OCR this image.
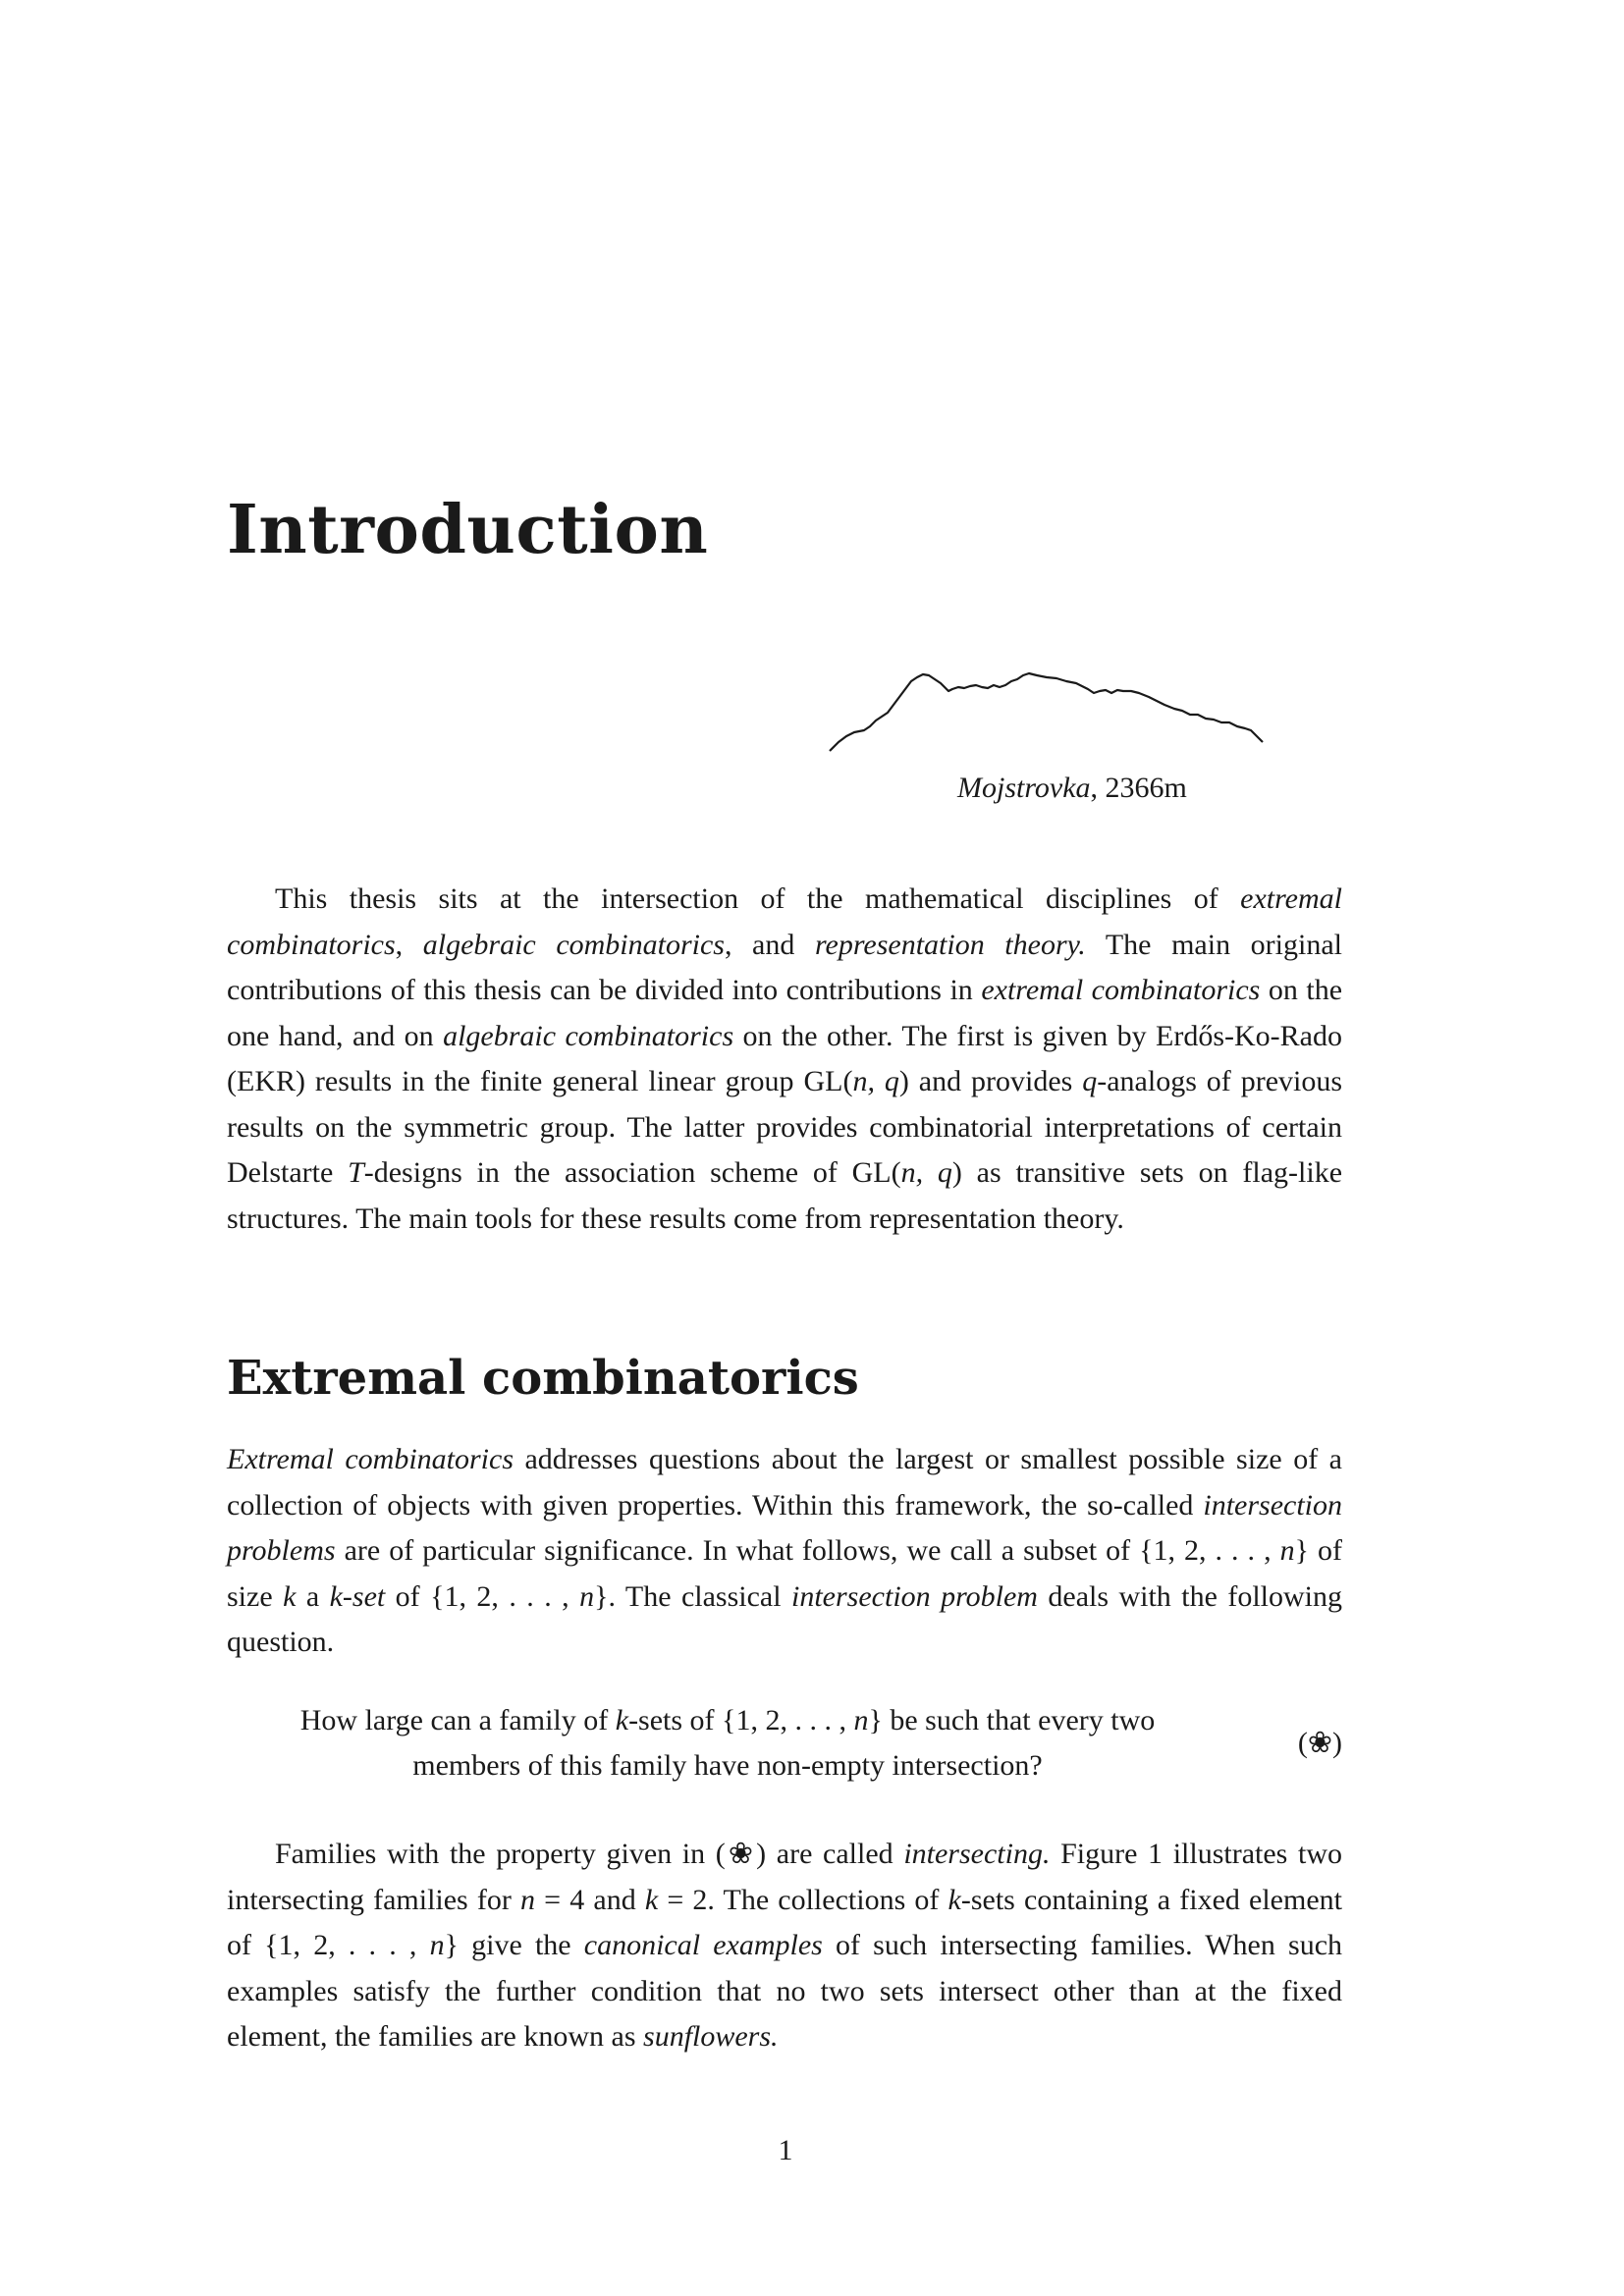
Introduction
Mojstrovka, 2366m

This thesis sits at the intersection of the mathematical disciplines of extremal combinatorics, algebraic combinatorics, and representation theory. The main original contributions of this thesis can be divided into contributions in extremal combinatorics on the one hand, and on algebraic combinatorics on the other. The first is given by Erdős-Ko-Rado (EKR) results in the finite general linear group GL(n, q) and provides q-analogs of previous results on the symmetric group. The latter provides combinatorial interpretations of certain Delstarte T-designs in the association scheme of GL(n, q) as transitive sets on flag-like structures. The main tools for these results come from representation theory.

Extremal combinatorics

Extremal combinatorics addresses questions about the largest or smallest possible size of a collection of objects with given properties. Within this framework, the so-called intersection problems are of particular significance. In what follows, we call a subset of {1, 2, . . . , n} of size k a k-set of {1, 2, . . . , n}. The classical intersection problem deals with the following question.

How large can a family of k-sets of {1, 2, . . . , n} be such that every two
members of this family have non-empty intersection?
(❀)

Families with the property given in (❀) are called intersecting. Figure 1 illustrates two intersecting families for n = 4 and k = 2. The collections of k-sets containing a fixed element of {1, 2, . . . , n} give the canonical examples of such intersecting families. When such examples satisfy the further condition that no two sets intersect other than at the fixed element, the families are known as sunflowers.

1
